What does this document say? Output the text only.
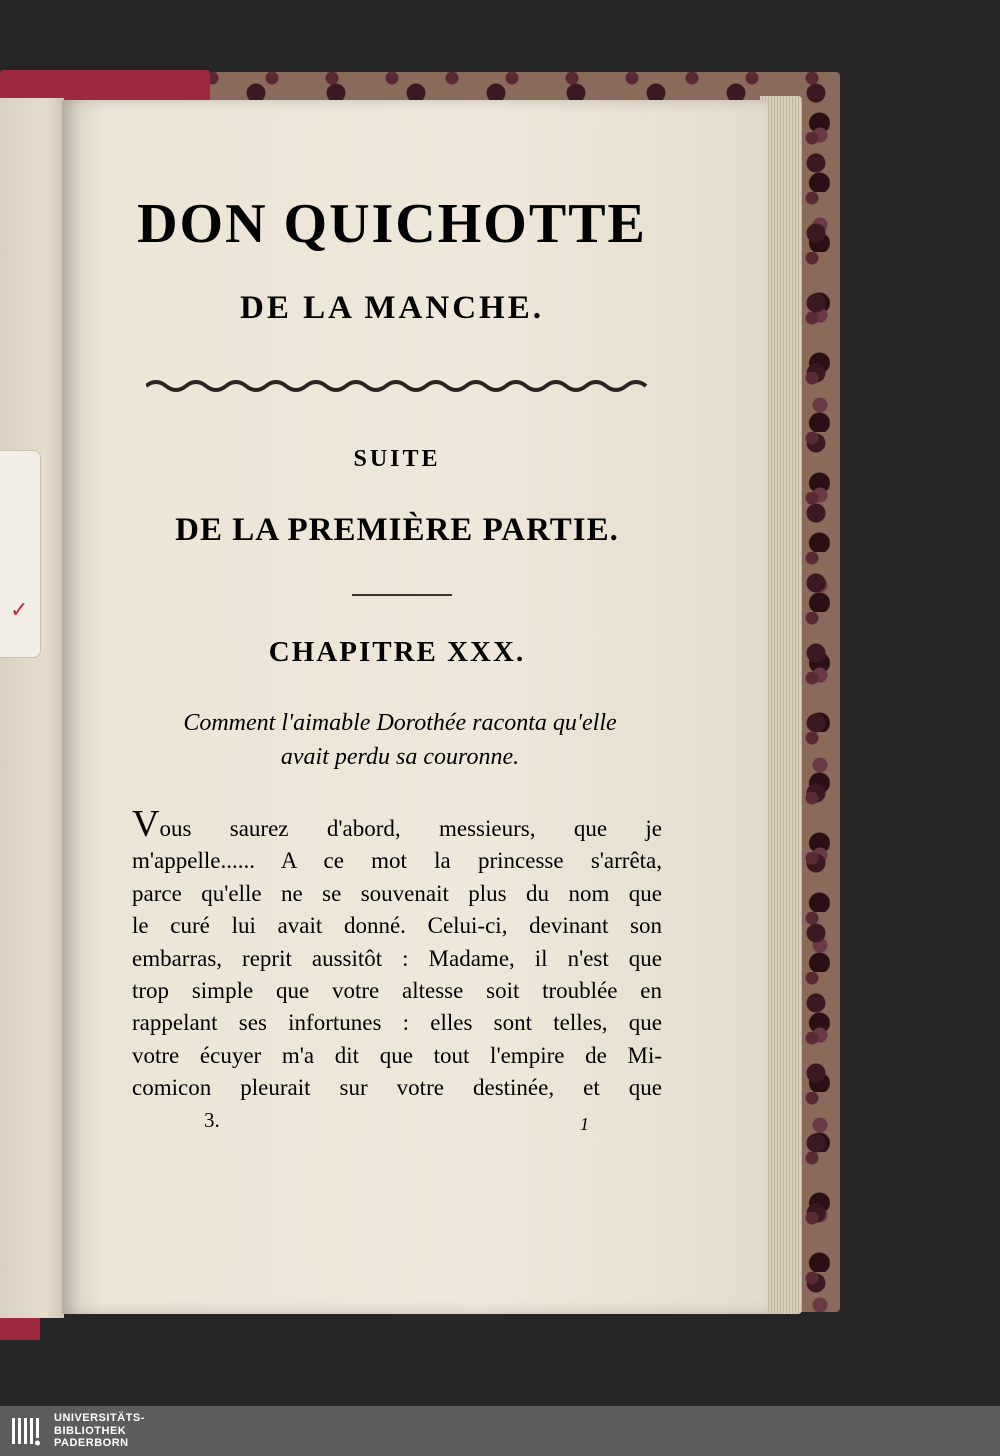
✓
DON QUICHOTTE
DE LA MANCHE.
SUITE
DE LA PREMIÈRE PARTIE.
CHAPITRE XXX.

Comment l'aimable Dorothée raconta qu'elle
avait perdu sa couronne.

Vous saurez d'abord, messieurs, que je
m'appelle...... A ce mot la princesse s'arrêta,
parce qu'elle ne se souvenait plus du nom que
le curé lui avait donné. Celui-ci, devinant son
embarras, reprit aussitôt : Madame, il n'est que
trop simple que votre altesse soit troublée en
rappelant ses infortunes : elles sont telles, que
votre écuyer m'a dit que tout l'empire de Mi-
comicon pleurait sur votre destinée, et que

3.	1

UNIVERSITÄTS-
BIBLIOTHEK
PADERBORN
